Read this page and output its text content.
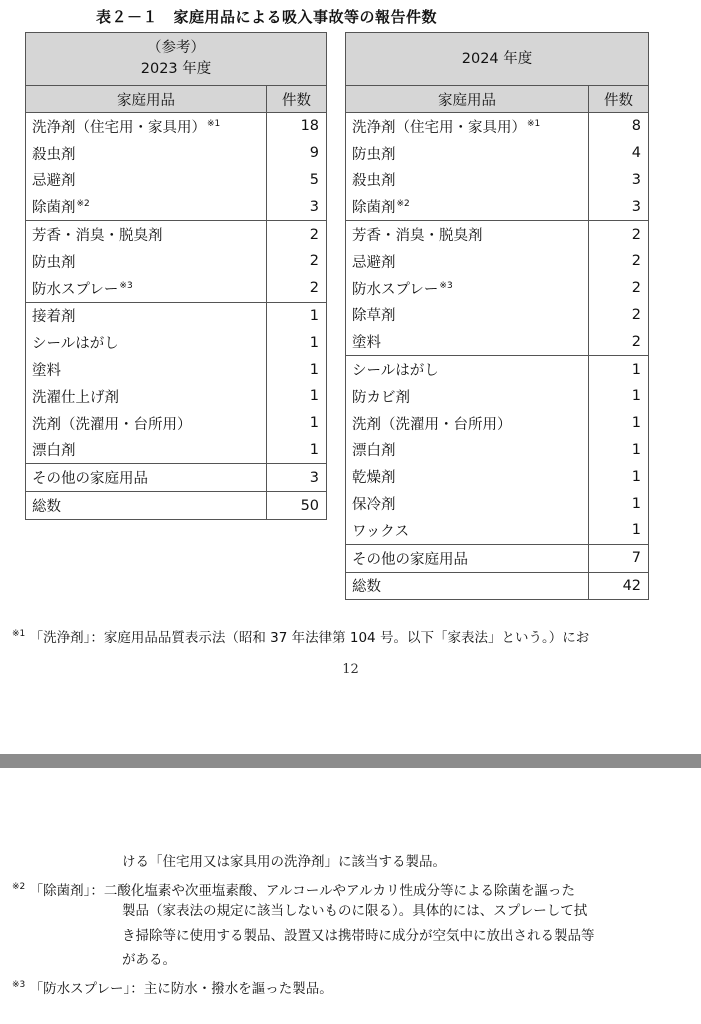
表２－１　家庭用品による吸入事故等の報告件数
（参考）
2023 年度	

家庭用品	件数
洗浄剤（住宅用・家具用）$^{※1}$	18
殺虫剤	9
忌避剤	5
除菌剤$^{※2}$	3
芳香・消臭・脱臭剤	2
防虫剤	2
防水スプレー$^{※3}$	2
接着剤	1
シールはがし	1
塗料	1
洗濯仕上げ剤	1
洗剤（洗濯用・台所用）	1
漂白剤	1
その他の家庭用品	3
総数	50
2024 年度	
家庭用品	件数
洗浄剤（住宅用・家具用）$^{※1}$	8
防虫剤	4
殺虫剤	3
除菌剤$^{※2}$	3
芳香・消臭・脱臭剤	2
忌避剤	2
防水スプレー$^{※3}$	2
除草剤	2
塗料	2
シールはがし	1
防カビ剤	1
洗剤（洗濯用・台所用）	1
漂白剤	1
乾燥剤	1
保冷剤	1
ワックス	1
その他の家庭用品	7
総数	42
$^{※1}$ 「洗浄剤」：家庭用品品質表示法（昭和 37 年法律第 104 号。以下「家表法」という。）にお
12
ける「住宅用又は家具用の洗浄剤」に該当する製品。
$^{※2}$ 「除菌剤」：二酸化塩素や次亜塩素酸、アルコールやアルカリ性成分等による除菌を謳った
製品（家表法の規定に該当しないものに限る）。具体的には、スプレーして拭
き掃除等に使用する製品、設置又は携帯時に成分が空気中に放出される製品等
がある。
$^{※3}$ 「防水スプレー」：主に防水・撥水を謳った製品。
